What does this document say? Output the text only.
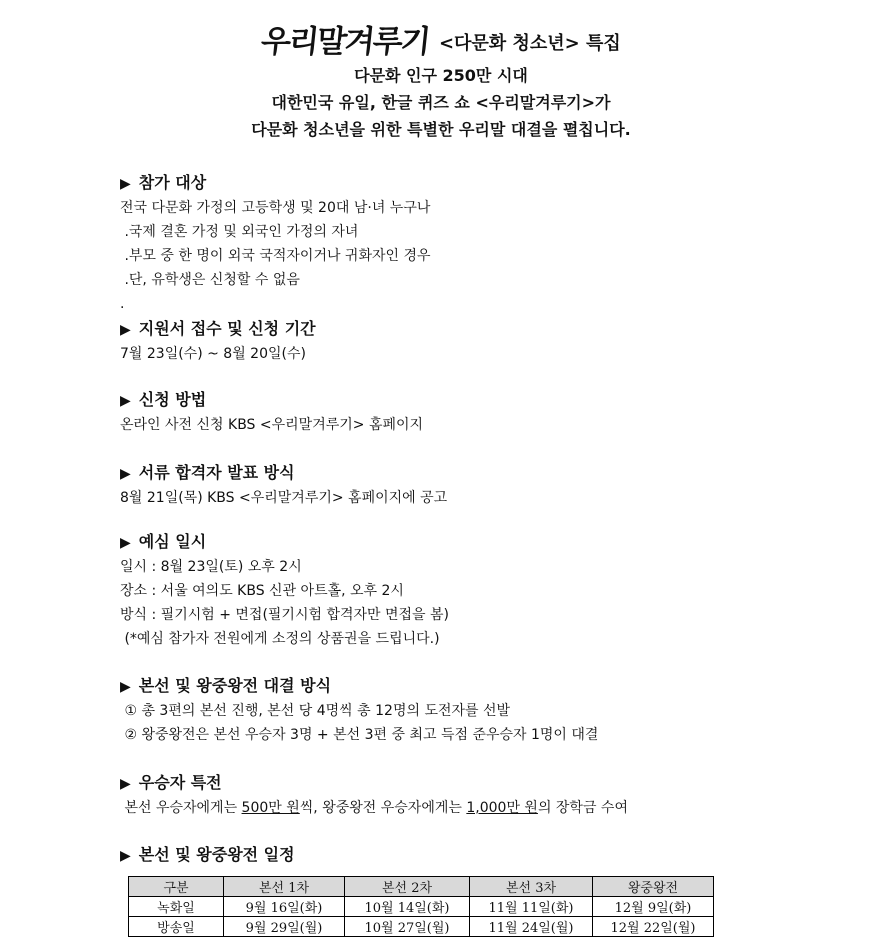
우리말겨루기 <다문화 청소년> 특집
다문화 인구 250만 시대
대한민국 유일, 한글 퀴즈 쇼 <우리말겨루기>가
다문화 청소년을 위한 특별한 우리말 대결을 펼칩니다.
▶ 참가 대상
전국 다문화 가정의 고등학생 및 20대 남·녀 누구나
.국제 결혼 가정 및 외국인 가정의 자녀
.부모 중 한 명이 외국 국적자이거나 귀화자인 경우
.단, 유학생은 신청할 수 없음
.
▶ 지원서 접수 및 신청 기간
7월 23일(수) ~ 8월 20일(수)
▶ 신청 방법
온라인 사전 신청 KBS <우리말겨루기> 홈페이지
▶ 서류 합격자 발표 방식
8월 21일(목) KBS <우리말겨루기> 홈페이지에 공고
▶ 예심 일시
일시 : 8월 23일(토) 오후 2시
장소 : 서울 여의도 KBS 신관 아트홀, 오후 2시
방식 : 필기시험 + 면접(필기시험 합격자만 면접을 봄)
(*예심 참가자 전원에게 소정의 상품권을 드립니다.)
▶ 본선 및 왕중왕전 대결 방식
① 총 3편의 본선 진행, 본선 당 4명씩 총 12명의 도전자를 선발
② 왕중왕전은 본선 우승자 3명 + 본선 3편 중 최고 득점 준우승자 1명이 대결
▶ 우승자 특전
본선 우승자에게는 500만 원씩, 왕중왕전 우승자에게는 1,000만 원의 장학금 수여
▶ 본선 및 왕중왕전 일정
구분	본선 1차	본선 2차	본선 3차	왕중왕전
녹화일	9월 16일(화)	10월 14일(화)	11월 11일(화)	12월 9일(화)
방송일	9월 29일(월)	10월 27일(월)	11월 24일(월)	12월 22일(월)
